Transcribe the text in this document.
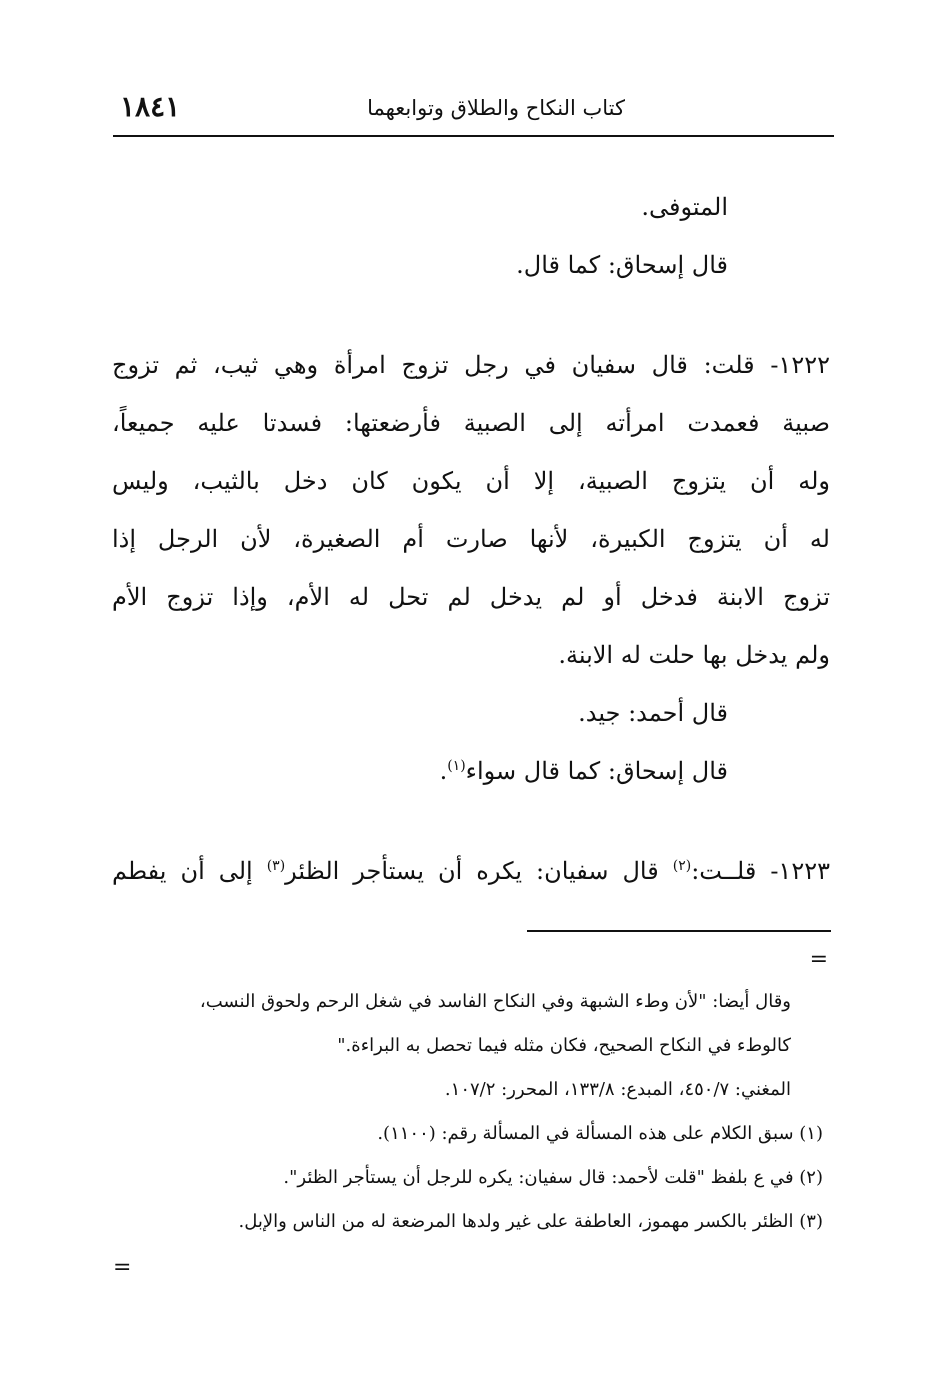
١٨٤١	كتاب النكاح والطلاق وتوابعهما
المتوفى.
قال إسحاق: كما قال.
١٢٢٢- قلت: قال سفيان في رجل تزوج امرأة وهي ثيب، ثم تزوج
صبية فعمدت امرأته إلى الصبية فأرضعتها: فسدتا عليه جميعاً،
وله أن يتزوج الصبية، إلا أن يكون كان دخل بالثيب، وليس
له أن يتزوج الكبيرة، لأنها صارت أم الصغيرة، لأن الرجل إذا
تزوج الابنة فدخل أو لم يدخل لم تحل له الأم، وإذا تزوج الأم
ولم يدخل بها حلت له الابنة.
قال أحمد: جيد.
قال إسحاق: كما قال سواء$^{(١)}$.
١٢٢٣- قلــت:$^{(٢)}$ قال سفيان: يكره أن يستأجر الظئر$^{(٣)}$ إلى أن يفطم
=
وقال أيضا: "لأن وطء الشبهة وفي النكاح الفاسد في شغل الرحم ولحوق النسب،
كالوطء في النكاح الصحيح، فكان مثله فيما تحصل به البراءة."
المغني: ٤٥٠/٧، المبدع: ١٣٣/٨، المحرر: ١٠٧/٢.
(١) سبق الكلام على هذه المسألة في المسألة رقم: (١١٠٠).
(٢) في ع بلفظ "قلت لأحمد: قال سفيان: يكره للرجل أن يستأجر الظئر".
(٣) الظئر بالكسر مهموز، العاطفة على غير ولدها المرضعة له من الناس والإبل.
=
